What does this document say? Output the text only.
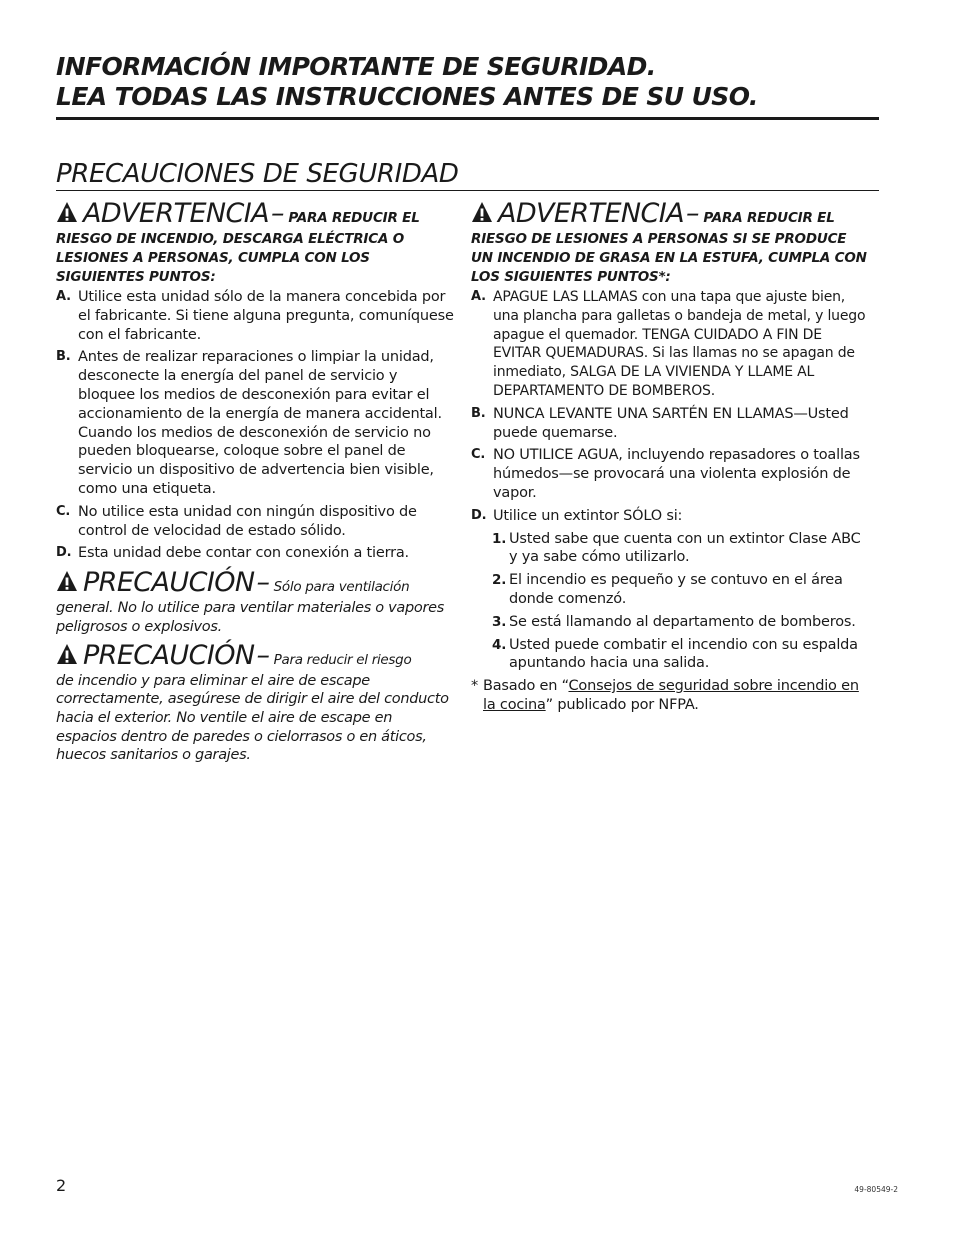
INFORMACIÓN IMPORTANTE DE SEGURIDAD.
LEA TODAS LAS INSTRUCCIONES ANTES DE SU USO.
PRECAUCIONES DE SEGURIDAD
ADVERTENCIA– PARA REDUCIR EL RIESGO DE INCENDIO, DESCARGA ELÉCTRICA O LESIONES A PERSONAS, CUMPLA CON LOS SIGUIENTES PUNTOS:
A. Utilice esta unidad sólo de la manera concebida por el fabricante. Si tiene alguna pregunta, comuníquese con el fabricante.
B. Antes de realizar reparaciones o limpiar la unidad, desconecte la energía del panel de servicio y bloquee los medios de desconexión para evitar el accionamiento de la energía de manera accidental. Cuando los medios de desconexión de servicio no pueden bloquearse, coloque sobre el panel de servicio un dispositivo de advertencia bien visible, como una etiqueta.
C. No utilice esta unidad con ningún dispositivo de control de velocidad de estado sólido.
D. Esta unidad debe contar con conexión a tierra.
PRECAUCIÓN– Sólo para ventilación
general. No lo utilice para ventilar materiales o vapores peligrosos o explosivos.
PRECAUCIÓN– Para reducir el riesgo
de incendio y para eliminar el aire de escape correctamente, asegúrese de dirigir el aire del conducto hacia el exterior. No ventile el aire de escape en espacios dentro de paredes o cielorrasos o en áticos, huecos sanitarios o garajes.
ADVERTENCIA– PARA REDUCIR EL RIESGO DE LESIONES A PERSONAS SI SE PRODUCE UN INCENDIO DE GRASA EN LA ESTUFA, CUMPLA CON LOS SIGUIENTES PUNTOS*:
A. APAGUE LAS LLAMAS con una tapa que ajuste bien, una plancha para galletas o bandeja de metal, y luego apague el quemador. TENGA CUIDADO A FIN DE EVITAR QUEMADURAS. Si las llamas no se apagan de inmediato, SALGA DE LA VIVIENDA Y LLAME AL DEPARTAMENTO DE BOMBEROS.
B. NUNCA LEVANTE UNA SARTÉN EN LLAMAS—Usted puede quemarse.
C. NO UTILICE AGUA, incluyendo repasadores o toallas húmedos—se provocará una violenta explosión de vapor.
D. Utilice un extintor SÓLO si:
1. Usted sabe que cuenta con un extintor Clase ABC y ya sabe cómo utilizarlo.
2. El incendio es pequeño y se contuvo en el área donde comenzó.
3. Se está llamando al departamento de bomberos.
4. Usted puede combatir el incendio con su espalda apuntando hacia una salida.
* Basado en “Consejos de seguridad sobre incendio en la cocina” publicado por NFPA.
2	49-80549-2
